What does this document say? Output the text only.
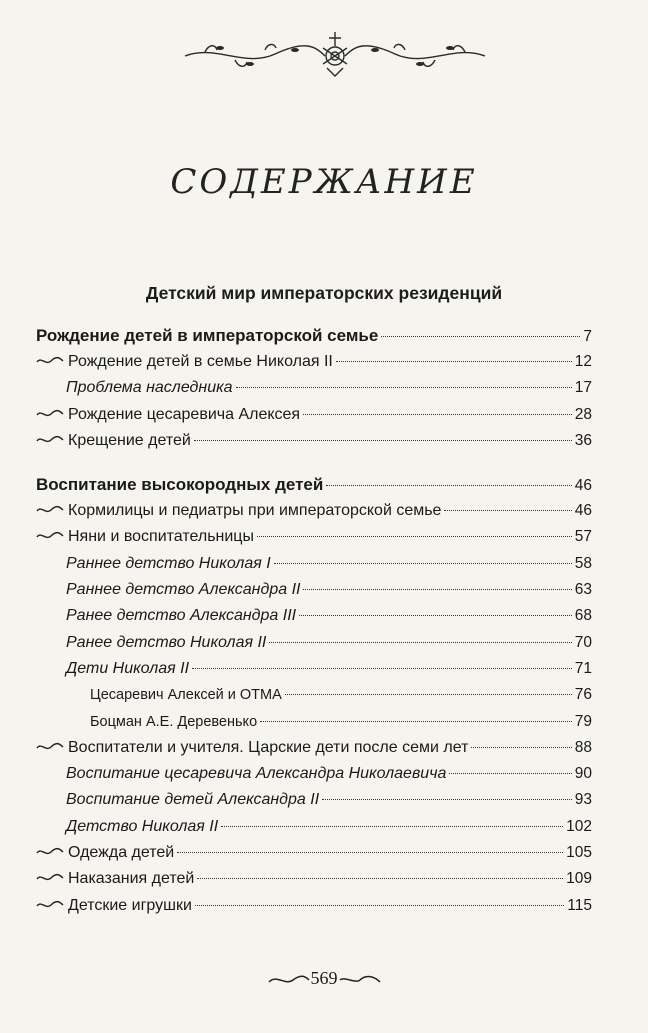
СОДЕРЖАНИЕ
Детский мир императорских резиденций
Рождение детей в императорской семье	7
Рождение детей в семье Николая II	12
Проблема наследника	17
Рождение цесаревича Алексея	28
Крещение детей	36
Воспитание высокородных детей	46
Кормилицы и педиатры при императорской семье	46
Няни и воспитательницы	57
Раннее детство Николая I	58
Раннее детство Александра II	63
Ранее детство Александра III	68
Ранее детство Николая II	70
Дети Николая II	71
Цесаревич Алексей и ОТМА	76
Боцман А.Е. Деревенько	79
Воспитатели и учителя. Царские дети после семи лет	88
Воспитание цесаревича Александра Николаевича	90
Воспитание детей Александра II	93
Детство Николая II	102
Одежда детей	105
Наказания детей	109
Детские игрушки	115
569
